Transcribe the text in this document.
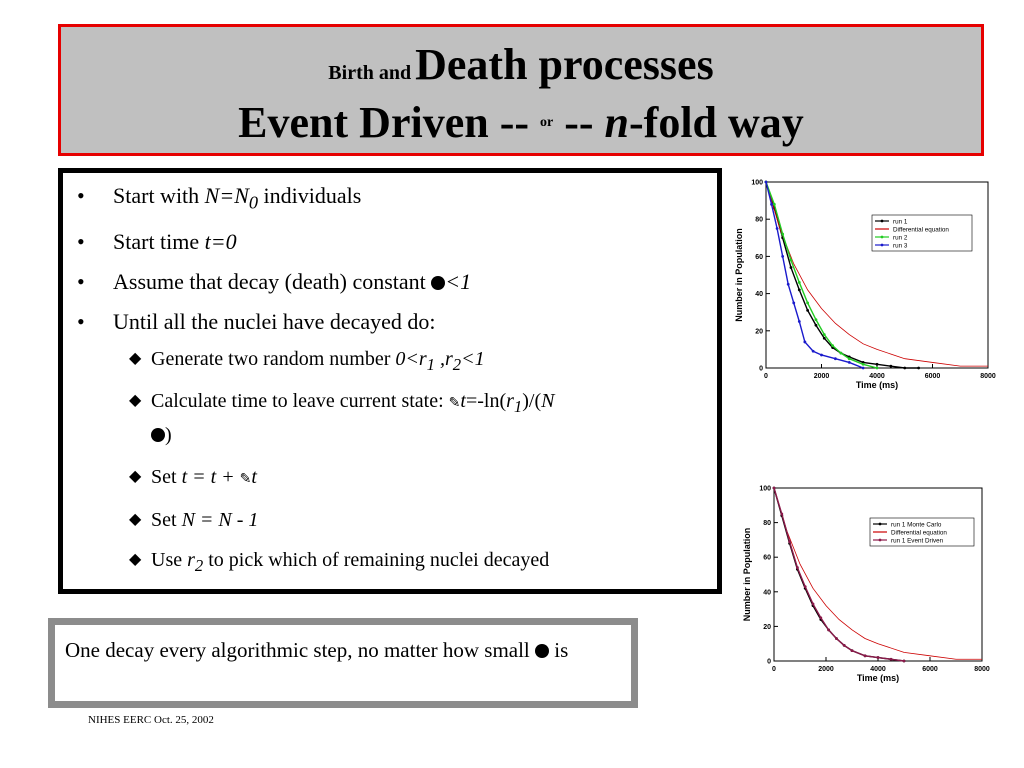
Birth and Death processes
Event Driven -- or -- n-fold way
• Start with $N=N_0$ individuals
• Start time t=0
• Assume that decay (death) constant <1
• Until all the nuclei have decayed do:
◆ Generate two random number $0<r_1$ $,r_2<1$
◆ Calculate time to leave current state: $✎t=-\ln(r_1)/(N$
)
◆ Set t = t + ✎t
◆ Set N = N - 1
◆ Use $r_2$ to pick which of remaining nuclei decayed
One decay every algorithmic step, no matter how small  is
NIHES EERC Oct. 25, 2002
0	2000	4000	6000	8000
0
20
40
60
80
100
Time (ms)
Number in Population
run 1
Differential equation
run 2
run 3
0	2000	4000	6000	8000
0
20
40
60
80
100
Time (ms)
Number in Population
run 1 Monte Carlo
Differential equation
run 1 Event Driven
